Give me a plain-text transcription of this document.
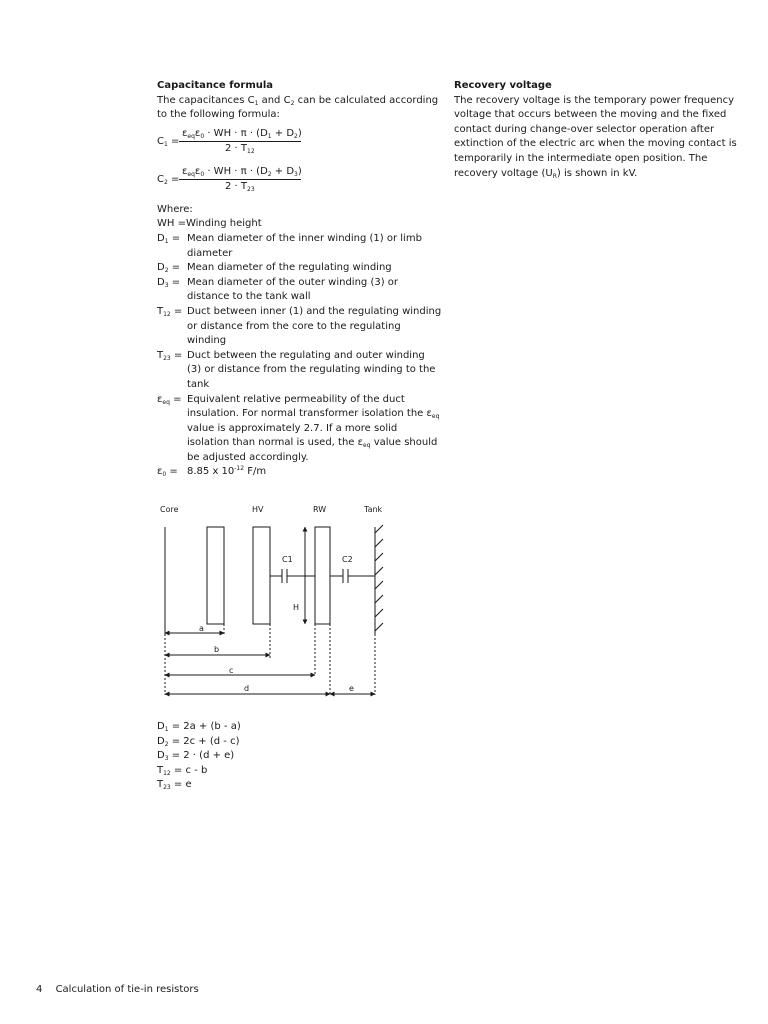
Capacitance formula

The capacitances $C_1$ and $C_2$ can be calculated according to the following formula:

$C_1$ =
$\varepsilon_{eq}\varepsilon_0$ · WH · $\pi \cdot (D_1 + D_2)$
$2 \cdot T_{12}$
$C_2$ =
$\varepsilon_{eq}\varepsilon_0$ · WH · $\pi \cdot (D_2 + D_3)$
$2 \cdot T_{23}$

Where:

WH = Winding height
$D_1$ = Mean diameter of the inner winding (1) or limb diameter
$D_2$ = Mean diameter of the regulating winding
$D_3$ = Mean diameter of the outer winding (3) or distance to the tank wall
$T_{12}$ = Duct between inner (1) and the regulating winding or distance from the core to the regulating winding
$T_{23}$ = Duct between the regulating and outer winding (3) or distance from the regulating winding to the tank
$\varepsilon_{eq}$ = Equivalent relative permeability of the duct insulation. For normal transformer isolation the $\varepsilon_{eq}$ value is approximately 2.7. If a more solid isolation than normal is used, the $\varepsilon_{eq}$ value should be adjusted accordingly.
$\varepsilon_0 = 8.85$ x $10^{-12}$ F/m
Recovery voltage

The recovery voltage is the temporary power frequency voltage that occurs between the moving and the fixed contact during change-over selector operation after extinction of the electric arc when the moving contact is temporarily in the intermediate open position. The recovery voltage $(U_R)$ is shown in kV.

Core	HV	RW	Tank
C1	C2
H
a
b
c
d	e

$D_1 = 2a + (b - a)$

$D_2 = 2c + (d - c)$

$D_3 = 2 \cdot (d + e)$

$T_{12} = c - b$

$T_{23} = e$

4 Calculation of tie-in resistors
